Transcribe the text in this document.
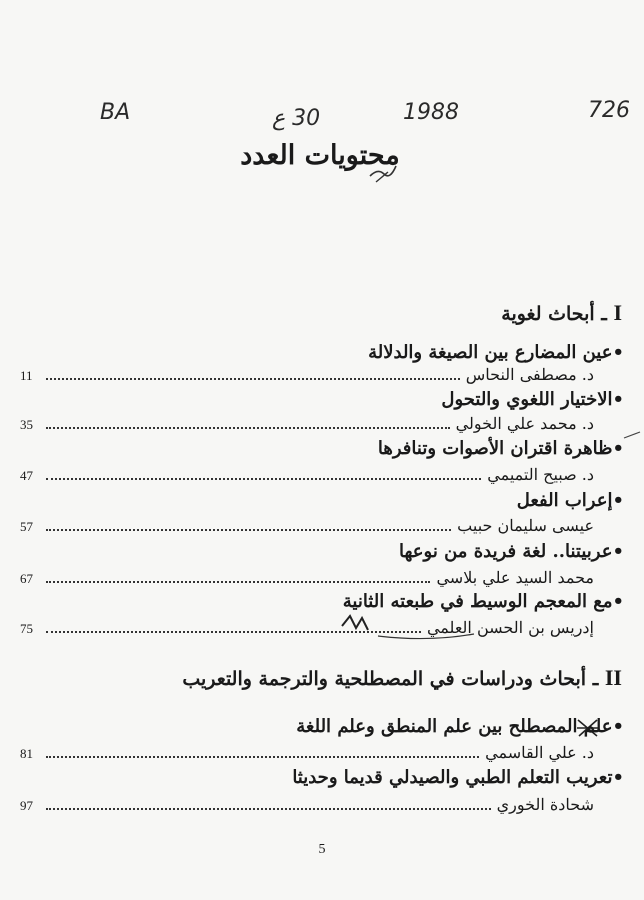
BA	30 ع	1988	726
محتويات العدد
I ـ أبحاث لغوية
•عين المضارع بين الصيغة والدلالة
11	د. مصطفى النحاس
•الاختيار اللغوي والتحول
35	د. محمد علي الخولي
•ظاهرة اقتران الأصوات وتنافرها
47	د. صبيح التميمي
•إعراب الفعل
57	عيسى سليمان حبيب
•عربيتنا.. لغة فريدة من نوعها
67	محمد السيد علي بلاسي
•مع المعجم الوسيط في طبعته الثانية
75	إدريس بن الحسن العلمي
II ـ أبحاث ودراسات في المصطلحية والترجمة والتعريب
•علم المصطلح بين علم المنطق وعلم اللغة
81	د. علي القاسمي
•تعريب التعلم الطبي والصيدلي قديما وحديثا
97	شحادة الخوري
5
